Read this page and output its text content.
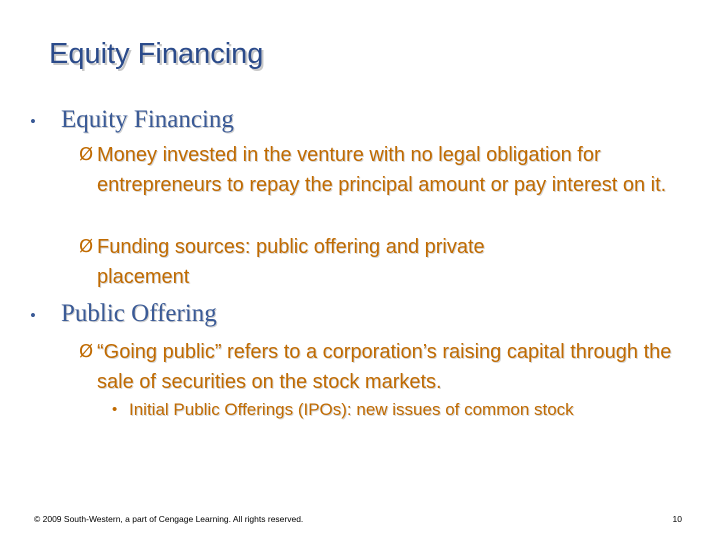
Equity Financing
• Equity Financing
Ø Money invested in the venture with no legal obligation for entrepreneurs to repay the principal amount or pay interest on it.
Ø Funding sources: public offering and private placement
• Public Offering
Ø “Going public” refers to a corporation’s raising capital through the sale of securities on the stock markets.
• Initial Public Offerings (IPOs): new issues of common stock
© 2009 South-Western, a part of Cengage Learning. All rights reserved.	10
